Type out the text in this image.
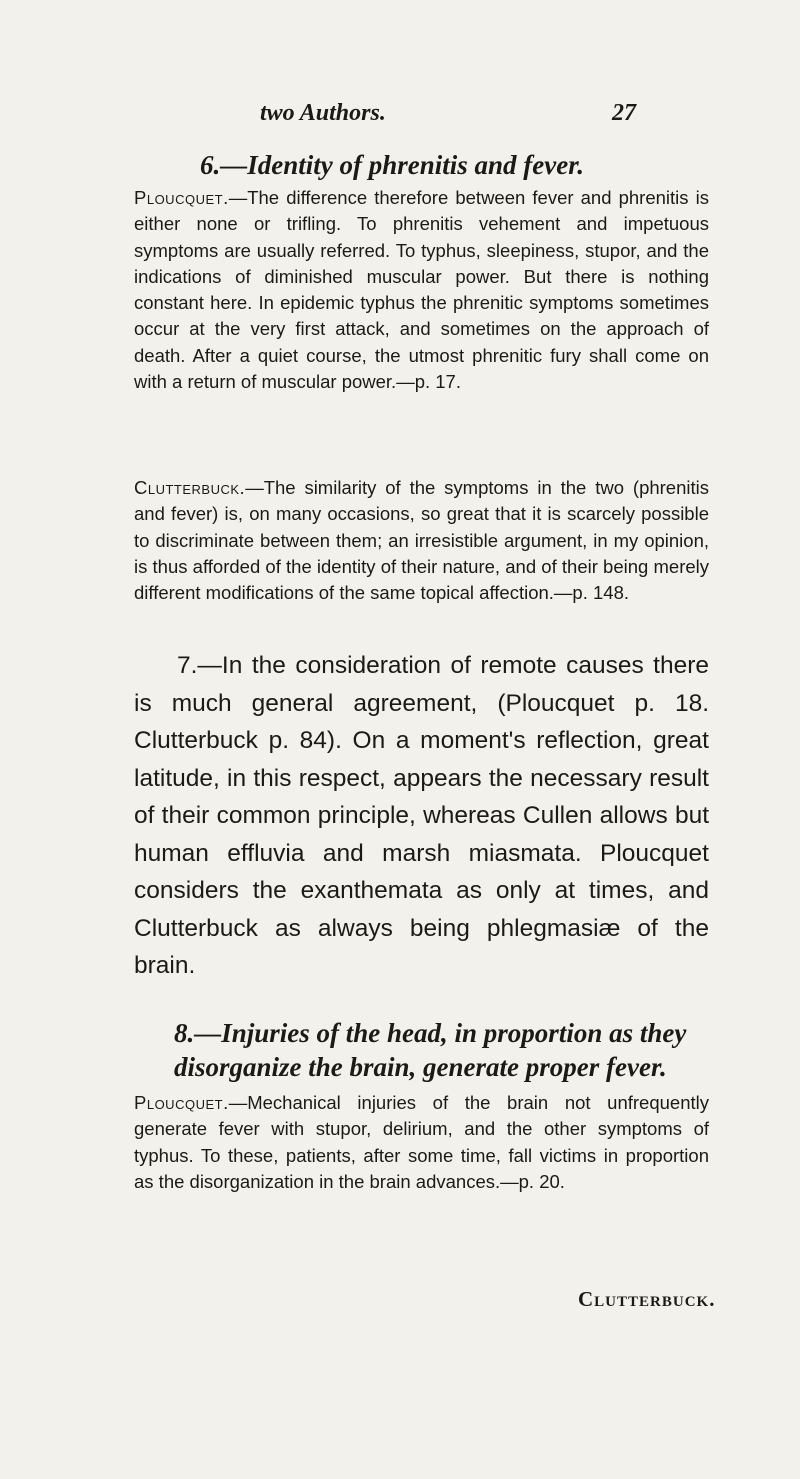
two Authors.	27
6.—Identity of phrenitis and fever.

Ploucquet.—The difference therefore between fever and phrenitis is either none or trifling. To phrenitis vehement and impetuous symptoms are usually referred. To typhus, sleepiness, stupor, and the indications of diminished muscular power. But there is nothing constant here. In epidemic typhus the phrenitic symptoms sometimes occur at the very first attack, and sometimes on the approach of death. After a quiet course, the utmost phrenitic fury shall come on with a return of muscular power.—p. 17.

Clutterbuck.—The similarity of the symptoms in the two (phrenitis and fever) is, on many occasions, so great that it is scarcely possible to discriminate between them; an irresistible argument, in my opinion, is thus afforded of the identity of their nature, and of their being merely different modifications of the same topical affection.—p. 148.

7.—In the consideration of remote causes there is much general agreement, (Ploucquet p. 18. Clutterbuck p. 84). On a moment's reflection, great latitude, in this respect, appears the necessary result of their common principle, whereas Cullen allows but human effluvia and marsh miasmata. Ploucquet considers the exanthemata as only at times, and Clutterbuck as always being phlegmasiæ of the brain.

8.—Injuries of the head, in proportion as they disorganize the brain, generate proper fever.

Ploucquet.—Mechanical injuries of the brain not unfrequently generate fever with stupor, delirium, and the other symptoms of typhus. To these, patients, after some time, fall victims in proportion as the disorganization in the brain advances.—p. 20.

Clutterbuck.
